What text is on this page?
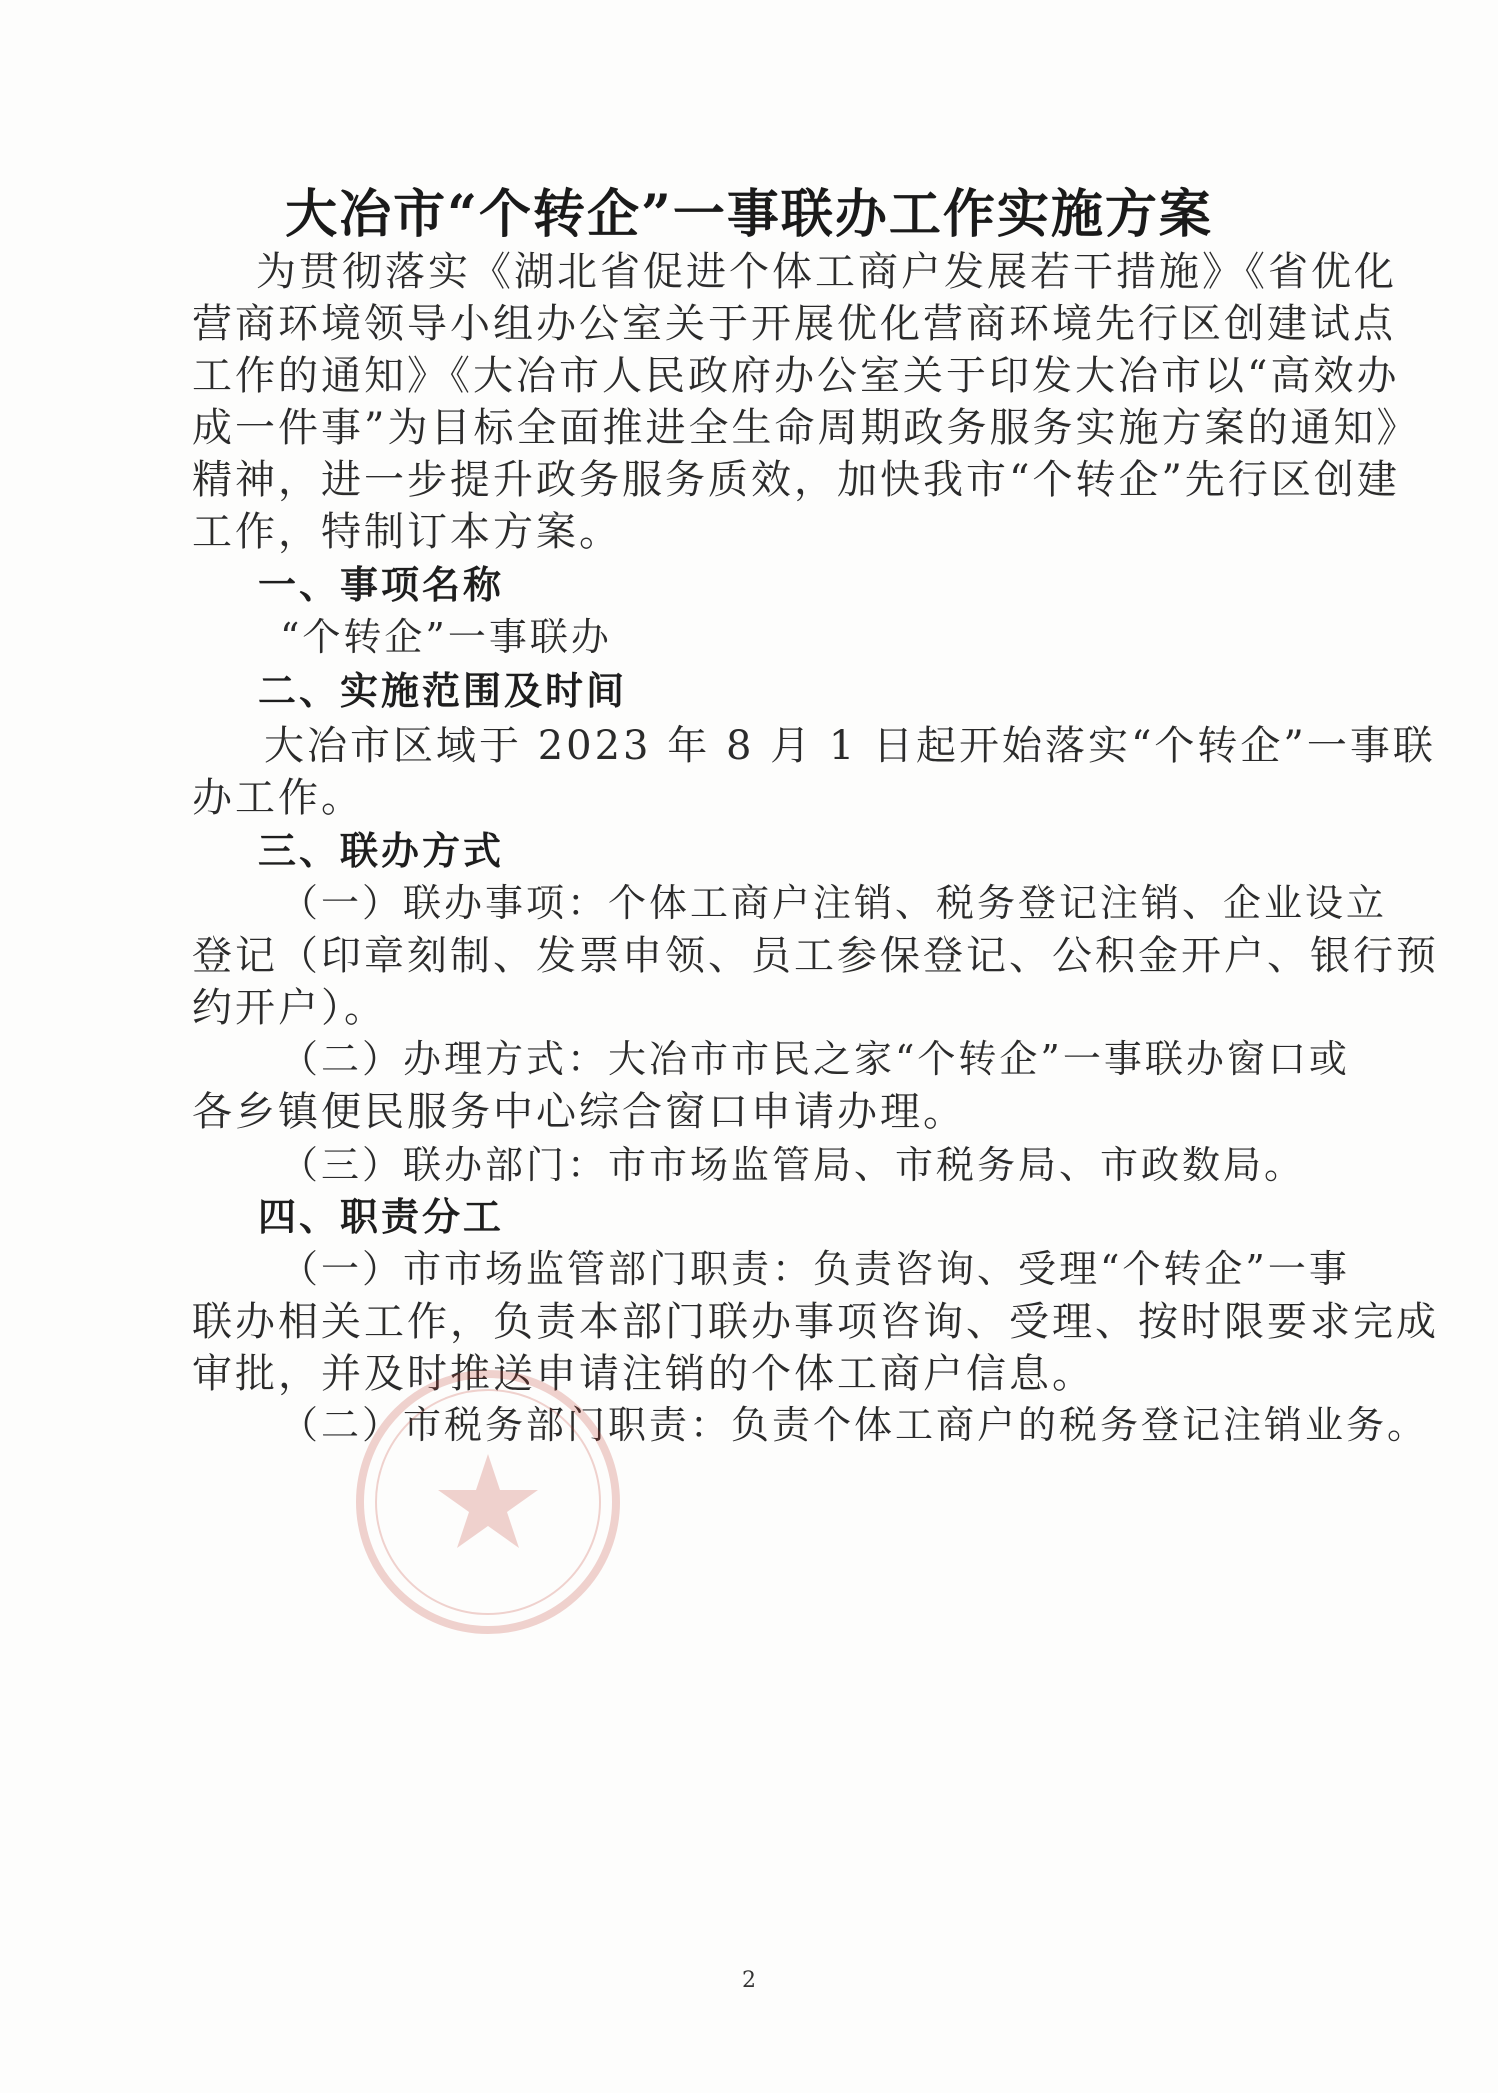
大冶市“个转企”一事联办工作实施方案
为贯彻落实《湖北省促进个体工商户发展若干措施》《省优化
营商环境领导小组办公室关于开展优化营商环境先行区创建试点
工作的通知》《大冶市人民政府办公室关于印发大冶市以“高效办
成一件事”为目标全面推进全生命周期政务服务实施方案的通知》
精神，进一步提升政务服务质效，加快我市“个转企”先行区创建
工作，特制订本方案。
一、事项名称
“个转企”一事联办
二、实施范围及时间
大冶市区域于 2023 年 8 月 1 日起开始落实“个转企”一事联
办工作。
三、联办方式
（一）联办事项：个体工商户注销、税务登记注销、企业设立
登记（印章刻制、发票申领、员工参保登记、公积金开户、银行预
约开户）。
（二）办理方式：大冶市市民之家“个转企”一事联办窗口或
各乡镇便民服务中心综合窗口申请办理。
（三）联办部门：市市场监管局、市税务局、市政数局。
四、职责分工
（一）市市场监管部门职责：负责咨询、受理“个转企”一事
联办相关工作，负责本部门联办事项咨询、受理、按时限要求完成
审批，并及时推送申请注销的个体工商户信息。
（二）市税务部门职责：负责个体工商户的税务登记注销业务。
2
